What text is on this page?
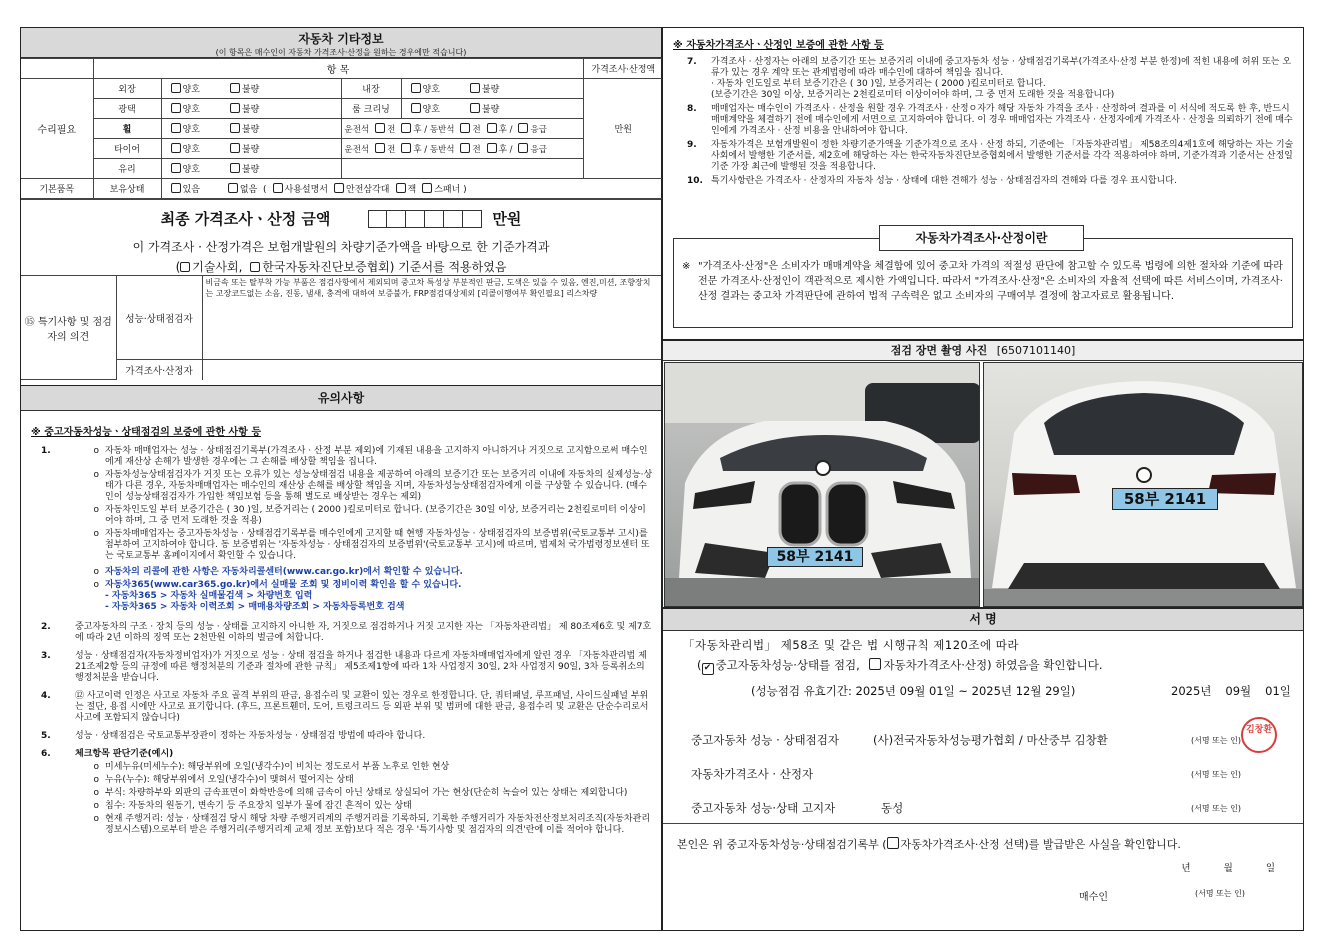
자동차 기타정보
(이 항목은 매수인이 자동차 가격조사·산정을 원하는 경우에만 적습니다)
	항 목				가격조사·산정액
수리필요	외장	양호 불량	내장	양호 불량	만원
	광택	양호 불량	룸 크리닝	양호 불량	
	휠	양호 불량	운전석 전 후 / 동반석 전 후 / 응급		
	타이어	양호 불량	운전석 전 후 / 동반석 전 후 / 응급		
	유리	양호 불량			
기본품목	보유상태	있음 없음 ( 사용설명서 안전삼각대 잭 스패너 )			
최종 가격조사ㆍ산정 금액	만원
이 가격조사 · 산정가격은 보험개발원의 차량기준가액을 바탕으로 한 기준가격과
( 기술사회, 한국자동차진단보증협회) 기준서를 적용하였음
⑮ 특기사항 및 점검자의 의견	성능·상태점검자	비금속 또는 탈부착 가능 부품은 점검사항에서 제외되며 중고차 특성상 부분적인 판금, 도색은 있을 수 있음, 엔진,미션, 조향장치는 고장코드없는 소음, 진동, 냄새, 충격에 대하여 보증불가, FRP점검대상제외 [리콜이행여부 확인필요] 리스차량
	가격조사·산정자	
유의사항
※ 중고자동차성능ㆍ상태점검의 보증에 관한 사항 등
1.	o 자동차 매매업자는 성능 · 상태점검기록부(가격조사 · 산정 부분 제외)에 기재된 내용을 고지하지 아니하거나 거짓으로 고지함으로써 매수인에게 재산상 손해가 발생한 경우에는 그 손해를 배상할 책임을 집니다.
o 자동차성능상태점검자가 거짓 또는 오류가 있는 성능상태점검 내용을 제공하여 아래의 보증기간 또는 보증거리 이내에 자동차의 실제성능·상태가 다른 경우, 자동차매매업자는 매수인의 재산상 손해를 배상할 책임을 지며, 자동차성능상태점검자에게 이를 구상할 수 있습니다. (매수인이 성능상태점검자가 가입한 책임보험 등을 통해 별도로 배상받는 경우는 제외)
o 자동차인도일 부터 보증기간은 ( 30 )일, 보증거리는 ( 2000 )킬로미터로 합니다. (보증기간은 30일 이상, 보증거리는 2천킬로미터 이상이어야 하며, 그 중 먼저 도래한 것을 적용)
o 자동차매매업자는 중고자동차성능 · 상태점검기록부를 매수인에게 고지할 때 현행 자동차성능 · 상태점검자의 보증범위(국토교통부 고시)를 첨부하여 고지하여야 합니다. 동 보증범위는 '자동차성능 · 상태점검자의 보증범위'(국토교통부 고시)에 따르며, 법제처 국가법령정보센터 또는 국토교통부 홈페이지에서 확인할 수 있습니다.
o 자동차의 리콜에 관한 사항은 자동차리콜센터(www.car.go.kr)에서 확인할 수 있습니다.
o 자동차365(www.car365.go.kr)에서 실매물 조회 및 정비이력 확인을 할 수 있습니다.
- 자동차365 > 자동차 실매물검색 > 차량번호 입력
- 자동차365 > 자동차 이력조회 > 매매용차량조회 > 자동차등록번호 검색
2.	중고자동차의 구조 · 장치 등의 성능 · 상태를 고지하지 아니한 자, 거짓으로 점검하거나 거짓 고지한 자는 「자동차관리법」 제 80조제6호 및 제7호에 따라 2년 이하의 징역 또는 2천만원 이하의 벌금에 처합니다.
3.	성능 · 상태점검자(자동차정비업자)가 거짓으로 성능 · 상태 점검을 하거나 점검한 내용과 다르게 자동차매매업자에게 알린 경우 「자동차관리법 제21조제2항 등의 규정에 따른 행정처분의 기준과 절차에 관한 규칙」 제5조제1항에 따라 1차 사업정지 30일, 2차 사업정지 90일, 3차 등록취소의 행정처분을 받습니다.
4.	⑫ 사고이력 인정은 사고로 자동차 주요 골격 부위의 판금, 용접수리 및 교환이 있는 경우로 한정합니다. 단, 쿼터패널, 루프패널, 사이드실패널 부위는 절단, 용접 시에만 사고로 표기합니다. (후드, 프론트휀더, 도어, 트렁크리드 등 외판 부위 및 범퍼에 대한 판금, 용접수리 및 교환은 단순수리로서 사고에 포함되지 않습니다)
5.	성능 · 상태점검은 국토교통부장관이 정하는 자동차성능 · 상태점검 방법에 따라야 합니다.
6.	체크항목 판단기준(예시)
o 미세누유(미세누수): 해당부위에 오일(냉각수)이 비치는 정도로서 부품 노후로 인한 현상
o 누유(누수): 해당부위에서 오일(냉각수)이 맺혀서 떨어지는 상태
o 부식: 차량하부와 외판의 금속표면이 화학반응에 의해 금속이 아닌 상태로 상실되어 가는 현상(단순히 녹슬어 있는 상태는 제외합니다)
o 침수: 자동차의 원동기, 변속기 등 주요장치 일부가 물에 잠긴 흔적이 있는 상태
o 현재 주행거리: 성능 · 상태점검 당시 해당 차량 주행거리계의 주행거리를 기록하되, 기록한 주행거리가 자동차전산정보처리조직(자동차관리정보시스템)으로부터 받은 주행거리(주행거리계 교체 정보 포함)보다 적은 경우 '특기사항 및 점검자의 의견'란에 이를 적어야 합니다.
※ 자동차가격조사ㆍ산정인 보증에 관한 사항 등
7.	가격조사 · 산정자는 아래의 보증기간 또는 보증거리 이내에 중고자동차 성능 · 상태점검기록부(가격조사·산정 부분 한정)에 적힌 내용에 허위 또는 오류가 있는 경우 계약 또는 관계법령에 따라 매수인에 대하여 책임을 집니다.
· 자동차 인도일로 부터 보증기간은 ( 30 )일, 보증거리는 ( 2000 )킬로미터로 합니다.
(보증기간은 30일 이상, 보증거리는 2천킬로미터 이상이어야 하며, 그 중 먼저 도래한 것을 적용합니다)
8.	매매업자는 매수인이 가격조사 · 산정을 원할 경우 가격조사 · 산정ㅇ자가 해당 자동차 가격을 조사 · 산정하여 결과를 이 서식에 적도록 한 후, 반드시 매매계약을 체결하기 전에 매수인에게 서면으로 고지하여야 합니다. 이 경우 매매업자는 가격조사 · 산정자에게 가격조사 · 산정을 의뢰하기 전에 매수인에게 가격조사 · 산정 비용을 안내하여야 합니다.
9.	자동차가격은 보험개발원이 정한 차량기준가액을 기준가격으로 조사 · 산정 하되, 기준에는 「자동차관리법」 제58조의4제1호에 해당하는 자는 기술사회에서 발행한 기준서를, 제2호에 해당하는 자는 한국자동차진단보증협회에서 발행한 기준서를 각각 적용하여야 하며, 기준가격과 기준서는 산정일 기준 가장 최근에 발행된 것을 적용합니다.
10. 특기사항란은 가격조사 · 산정자의 자동차 성능 · 상태에 대한 견해가 성능 · 상태점검자의 견해와 다를 경우 표시합니다.
자동차가격조사·산정이란
※ "가격조사·산정"은 소비자가 매매계약을 체결함에 있어 중고차 가격의 적절성 판단에 참고할 수 있도록 법령에 의한 절차와 기준에 따라 전문 가격조사·산정인이 객관적으로 제시한 가액입니다. 따라서 "가격조사·산정"은 소비자의 자율적 선택에 따른 서비스이며, 가격조사·산정 결과는 중고차 가격판단에 관하여 법적 구속력은 없고 소비자의 구매여부 결정에 참고자료로 활용됩니다.
점검 장면 촬영 사진 [6507101140]
58부 2141
58부 2141
서 명
「자동차관리법」 제58조 및 같은 법 시행규칙 제120조에 따라
( ✔ 중고자동차성능·상태를 점검, 자동차가격조사·산정) 하였음을 확인합니다.
(성능점검 유효기간: 2025년 09월 01일 ~ 2025년 12월 29일)	2025년 09월 01일
중고자동차 성능 · 상태점검자	(사)전국자동차성능평가협회 / 마산중부 김창환	(서명 또는 인)
자동차가격조사 · 산정자	(서명 또는 인)
중고자동차 성능·상태 고지자	동성	(서명 또는 인)
김창환
본인은 위 중고자동차성능·상태점검기록부 ( 자동차가격조사·산정 선택)를 발급받은 사실을 확인합니다.
년	월	일
매수인	(서명 또는 인)
